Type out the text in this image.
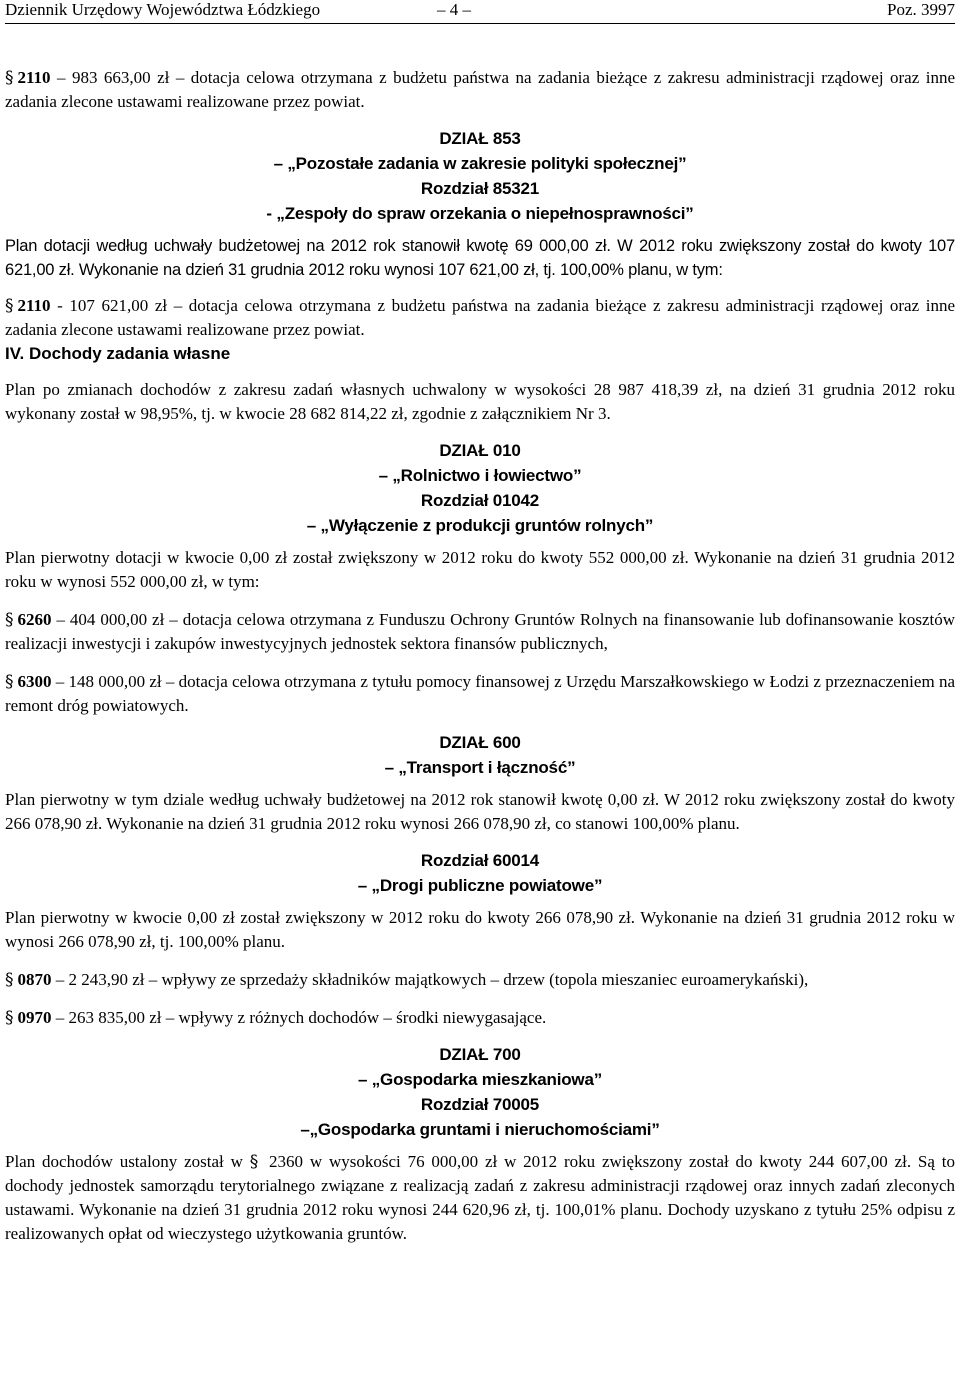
Dziennik Urzędowy Województwa Łódzkiego	– 4 –	Poz. 3997

§ 2110 – 983 663,00 zł – dotacja celowa otrzymana z budżetu państwa na zadania bieżące z zakresu administracji rządowej oraz inne zadania zlecone ustawami realizowane przez powiat.

DZIAŁ 853
– „Pozostałe zadania w zakresie polityki społecznej”
Rozdział 85321
- „Zespoły do spraw orzekania o niepełnosprawności”

Plan dotacji według uchwały budżetowej na 2012 rok stanowił kwotę 69 000,00 zł. W 2012 roku zwiększony został do kwoty 107 621,00 zł. Wykonanie na dzień 31 grudnia 2012 roku wynosi 107 621,00 zł, tj. 100,00% planu, w tym:

§ 2110 - 107 621,00 zł – dotacja celowa otrzymana z budżetu państwa na zadania bieżące z zakresu administracji rządowej oraz inne zadania zlecone ustawami realizowane przez powiat.

IV. Dochody zadania własne

Plan po zmianach dochodów z zakresu zadań własnych uchwalony w wysokości 28 987 418,39 zł, na dzień 31 grudnia 2012 roku wykonany został w 98,95%, tj. w kwocie 28 682 814,22 zł, zgodnie z załącznikiem Nr 3.

DZIAŁ 010
– „Rolnictwo i łowiectwo”
Rozdział 01042
– „Wyłączenie z produkcji gruntów rolnych”

Plan pierwotny dotacji w kwocie 0,00 zł został zwiększony w 2012 roku do kwoty 552 000,00 zł. Wykonanie na dzień 31 grudnia 2012 roku w wynosi 552 000,00 zł, w tym:

§ 6260 – 404 000,00 zł – dotacja celowa otrzymana z Funduszu Ochrony Gruntów Rolnych na finansowanie lub dofinansowanie kosztów realizacji inwestycji i zakupów inwestycyjnych jednostek sektora finansów publicznych,

§ 6300 – 148 000,00 zł – dotacja celowa otrzymana z tytułu pomocy finansowej z Urzędu Marszałkowskiego w Łodzi z przeznaczeniem na remont dróg powiatowych.

DZIAŁ 600
– „Transport i łączność”

Plan pierwotny w tym dziale według uchwały budżetowej na 2012 rok stanowił kwotę 0,00 zł. W 2012 roku zwiększony został do kwoty 266 078,90 zł. Wykonanie na dzień 31 grudnia 2012 roku wynosi 266 078,90 zł, co stanowi 100,00% planu.

Rozdział 60014
– „Drogi publiczne powiatowe”

Plan pierwotny w kwocie 0,00 zł został zwiększony w 2012 roku do kwoty 266 078,90 zł. Wykonanie na dzień 31 grudnia 2012 roku w wynosi 266 078,90 zł, tj. 100,00% planu.

§ 0870 – 2 243,90 zł – wpływy ze sprzedaży składników majątkowych – drzew (topola mieszaniec euroamerykański),

§ 0970 – 263 835,00 zł – wpływy z różnych dochodów – środki niewygasające.

DZIAŁ 700
– „Gospodarka mieszkaniowa”
Rozdział 70005
–„Gospodarka gruntami i nieruchomościami”

Plan dochodów ustalony został w § 2360 w wysokości 76 000,00 zł w 2012 roku zwiększony został do kwoty 244 607,00 zł. Są to dochody jednostek samorządu terytorialnego związane z realizacją zadań z zakresu administracji rządowej oraz innych zadań zleconych ustawami. Wykonanie na dzień 31 grudnia 2012 roku wynosi 244 620,96 zł, tj. 100,01% planu. Dochody uzyskano z tytułu 25% odpisu z realizowanych opłat od wieczystego użytkowania gruntów.
